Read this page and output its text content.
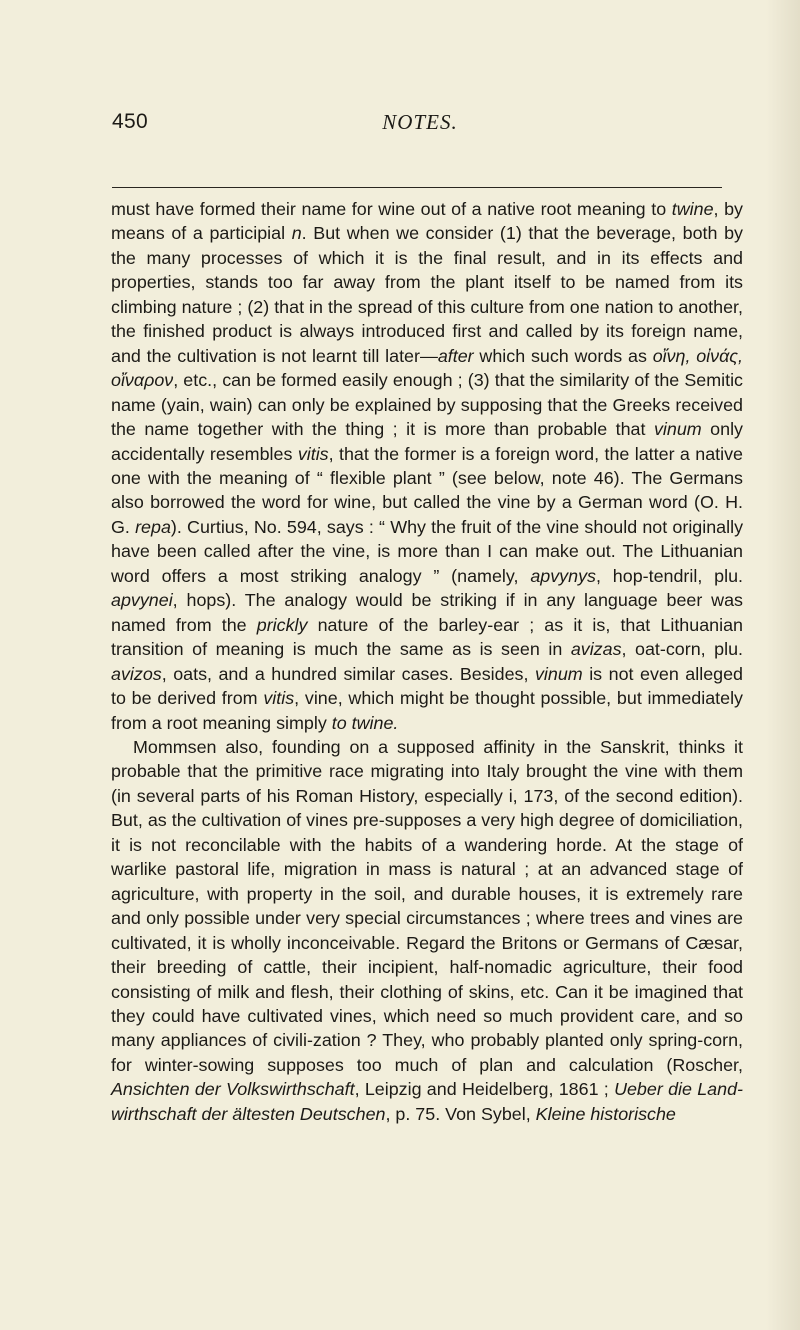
450	NOTES.

must have formed their name for wine out of a native root meaning to twine, by means of a participial n. But when we consider (1) that the beverage, both by the many processes of which it is the final result, and in its effects and properties, stands too far away from the plant itself to be named from its climbing nature ; (2) that in the spread of this culture from one nation to another, the finished product is always introduced first and called by its foreign name, and the cultivation is not learnt till later—after which such words as οἴνη, οἰνάς, οἴναρον, etc., can be formed easily enough ; (3) that the similarity of the Semitic name (yain, wain) can only be explained by supposing that the Greeks received the name together with the thing ; it is more than probable that vinum only accidentally resembles vitis, that the former is a foreign word, the latter a native one with the meaning of “ flexible plant ” (see below, note 46). The Germans also borrowed the word for wine, but called the vine by a German word (O. H. G. repa). Curtius, No. 594, says : “ Why the fruit of the vine should not originally have been called after the vine, is more than I can make out. The Lithuanian word offers a most striking analogy ” (namely, apvynys, hop-tendril, plu. apvynei, hops). The analogy would be striking if in any language beer was named from the prickly nature of the barley-ear ; as it is, that Lithuanian transition of meaning is much the same as is seen in avizas, oat-corn, plu. avizos, oats, and a hundred similar cases. Besides, vinum is not even alleged to be derived from vitis, vine, which might be thought possible, but immediately from a root meaning simply to twine.

Mommsen also, founding on a supposed affinity in the Sanskrit, thinks it probable that the primitive race migrating into Italy brought the vine with them (in several parts of his Roman History, especially i, 173, of the second edition). But, as the cultivation of vines pre-supposes a very high degree of domiciliation, it is not reconcilable with the habits of a wandering horde. At the stage of warlike pastoral life, migration in mass is natural ; at an advanced stage of agriculture, with property in the soil, and durable houses, it is extremely rare and only possible under very special circumstances ; where trees and vines are cultivated, it is wholly inconceivable. Regard the Britons or Germans of Cæsar, their breeding of cattle, their incipient, half-nomadic agriculture, their food consisting of milk and flesh, their clothing of skins, etc. Can it be imagined that they could have cultivated vines, which need so much provident care, and so many appliances of civili-zation ? They, who probably planted only spring-corn, for winter-sowing supposes too much of plan and calculation (Roscher, Ansichten der Volkswirthschaft, Leipzig and Heidelberg, 1861 ; Ueber die Land-wirthschaft der ältesten Deutschen, p. 75. Von Sybel, Kleine historische
